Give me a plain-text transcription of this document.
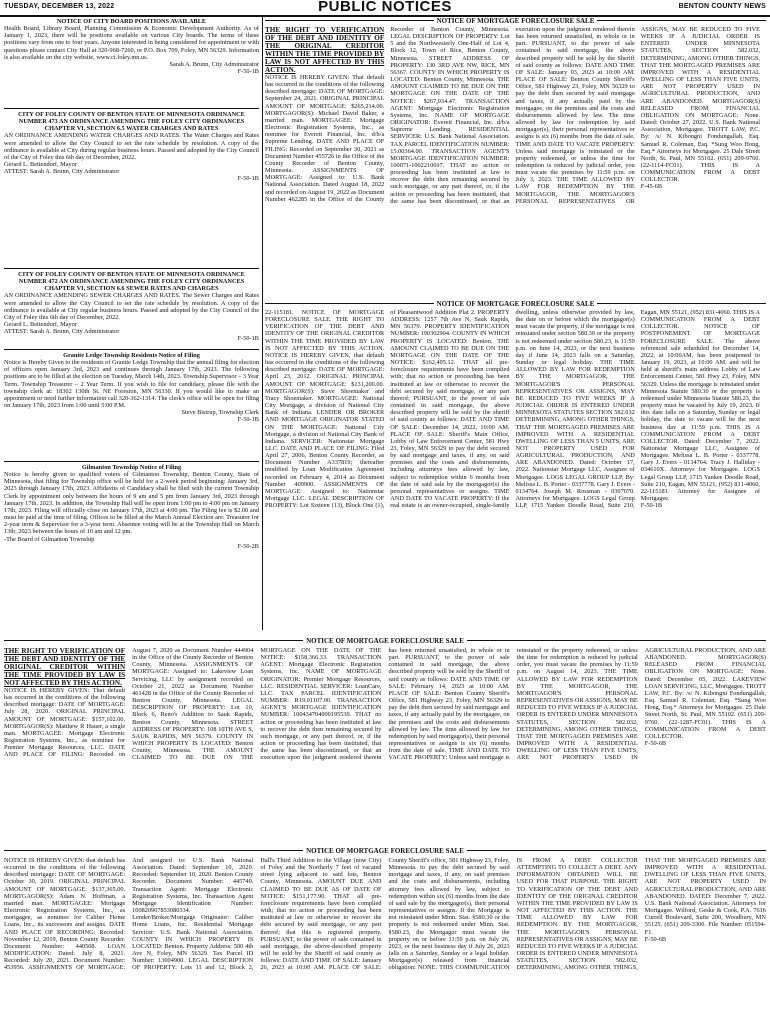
TUESDAY, DECEMBER 13, 2022	PUBLIC NOTICES	BENTON COUNTY NEWS

NOTICE OF CITY BOARD POSITIONS AVAILABLE

Health Board, Library Board, Planning Commission & Economic Development Authority. As of January 1, 2023, there will be positions available on various City boards. The terms of these positions vary from one to four years. Anyone interested in being considered for appointment or with questions please contact City Hall at 320-968-7260, or P.O. Box 709, Foley, MN 56329. Information is also available on the city website, www.ci.foley.mn.us.

Sarah A. Brunn, City Administrator

F-50-1B

CITY OF FOLEY COUNTY OF BENTON STATE OF MINNESOTA ORDINANCE NUMBER 473 AN ORDINANCE AMENDING THE FOLEY CITY ORDINANCES CHAPTER VI, SECTION 6.5 WATER CHARGES AND RATES

AN ORDINANCE AMENDING WATER CHARGES AND RATES. The Water Charges and Rates were amended to allow the City Council to set the rate schedule by resolution. A copy of the ordinance is available at City during regular business hours. Passed and adopted by the City Council of the City of Foley this 6th day of December, 2022.

Gerard L. Bettendorf, Mayor

ATTEST: Sarah A. Brunn, City Administrator

F-50-1B

CITY OF FOLEY COUNTY OF BENTON STATE OF MINNESOTA ORDINANCE NUMBER 472 AN ORDINANCE AMENDING THE FOLEY CITY ORDINANCES CHAPTER VI, SECTION 6.6 SEWER RATES AND CHARGES

AN ORDINANCE AMENDING SEWER CHARGES AND RATES. The Sewer Charges and Rates were amended to allow the City Council to set the rate schedule by resolution. A copy of the ordinance is available at City regular business hours. Passed and adopted by the City Council of the City of Foley this 6th day of December, 2022.

Gerard L. Bettendorf, Mayor

ATTEST: Sarah A. Brunn, City Administrator

F-50-1B

Granite Ledge Township Residents Notice of Filing

Notice is Hereby Given to the residents of Granite Ledge Township that the annual filing for election of officers open January 3rd, 2023 and continues through January 17th, 2023. The following positions are to be filled at the election on Tuesday, March 14th, 2023. Township Supervisor – 3 Year Term. Township Treasurer – 2 Year Term. If you wish to file for candidacy, please file with the township clerk at: 18302 130th St. NE Foreston, MN 56330. If you would like to make an appointment or need further information call 320-362-1314. The clerk's office will be open for filing on January 17th, 2023 from 1:00 until 5:00 P.M.

Steve Bistrup, Township Clerk

F-50-1B

Gilmanton Township Notice of Filing

Notice is hereby given to qualified voters of Gilmanton Township, Benton County, State of Minnesota, that filing for Township office will be held for a 2-week period beginning: January 3rd, 2023 through January 17th, 2023. Affidavits of Candidacy shall be filed with the current Township Clerk by appointment only between the hours of 9 am and 5 pm from January 3rd, 2023 through January 17th, 2023. In addition, the Township Hall will be open from 1:00 pm to 4:00 pm on January 17th, 2023. Filing will officially close on January 17th, 2023 at 4:00 pm. The Filing fee is $2.00 and must be paid at the time of filing. Offices to be filled at the March Annual Election are: Treasurer for 2-year term & Supervisor for a 3-year term. Absentee voting will be at the Township Hall on March 13th, 2023 between the hours of 10 am and 12 pm.

-The Board of Gilmanton Township

F-50-2B

NOTICE OF MORTGAGE FORECLOSURE SALE

THE RIGHT TO VERIFICATION OF THE DEBT AND IDENTITY OF THE ORIGINAL CREDITOR WITHIN THE TIME PROVIDED BY LAW IS NOT AFFECTED BY THIS ACTION.

NOTICE IS HEREBY GIVEN: That default has occurred in the conditions of the following described mortgage: DATE OF MORTGAGE: September 24, 2021. ORIGINAL PRINCIPAL AMOUNT OF MORTGAGE: $265,214.00. MORTGAGOR(S): Michael David Baker, a married man. MORTGAGEE: Mortgage Electronic Registration Systems, Inc., as nominee for Everett Financial, Inc. d/b/a Supreme Lending. DATE AND PLACE OF FILING: Recorded on September 30, 2021 as Document Number 455726 in the Office of the County Recorder of Benton County, Minnesota. ASSIGNMENTS OF MORTGAGE: Assigned to: U.S. Bank National Association. Dated August 18, 2022 and recorded on August 19, 2022 as Document Number 462285 in the Office of the County Recorder of Benton County, Minnesota. LEGAL DESCRIPTION OF PROPERTY: Lot 5 and the Northwesterly One-Half of Lot 4, Block 12, Town of Rice, Benton County, Minnesota. STREET ADDRESS OF PROPERTY: 130 3RD AVE NW, RICE, MN 56367. COUNTY IN WHICH PROPERTY IS LOCATED: Benton County, Minnesota. THE AMOUNT CLAIMED TO BE DUE ON THE MORTGAGE ON THE DATE OF THE NOTICE: $267,934.47. TRANSACTION AGENT: Mortgage Electronic Registration Systems, Inc. NAME OF MORTGAGE ORIGINATOR: Everett Financial, Inc. d/b/a Supreme Lending. RESIDENTIAL SERVICER: U.S. Bank National Association. TAX PARCEL IDENTIFICATION NUMBER: 15.00364.00. TRANSACTION AGENT'S MORTGAGE IDENTIFICATION NUMBER: 100071-1002210697. THAT no action or proceeding has been instituted at law to recover the debt then remaining secured by such mortgage, or any part thereof, or, if the action or proceeding has been instituted, that the same has been discontinued, or that an execution upon the judgment rendered therein has been returned unsatisfied, in whole or in part. PURSUANT, to the power of sale contained in said mortgage, the above described property will be sold by the Sheriff of said county as follows: DATE AND TIME OF SALE: January 03, 2023 at 10:00 AM. PLACE OF SALE: Benton County Sheriff's Office, 581 Highway 23, Foley, MN 56329 to pay the debt then secured by said mortgage and taxes, if any actually paid by the mortgagee, on the premises and the costs and disbursements allowed by law. The time allowed by law for redemption by said mortgagor(s), their personal representatives or assigns is six (6) months from the date of sale. TIME AND DATE TO VACATE PROPERTY: Unless said mortgage is reinstated or the property redeemed, or unless the time for redemption is reduced by judicial order, you must vacate the premises by 11:59 p.m. on July 3, 2023. THE TIME ALLOWED BY LAW FOR REDEMPTION BY THE MORTGAGOR, THE MORTGAGOR'S PERSONAL REPRESENTATIVES OR ASSIGNS, MAY BE REDUCED TO FIVE WEEKS IF A JUDICIAL ORDER IS ENTERED UNDER MINNESOTA STATUTES, SECTION 582.032, DETERMINING, AMONG OTHER THINGS, THAT THE MORTGAGED PREMISES ARE IMPROVED WITH A RESIDENTIAL DWELLING OF LESS THAN FIVE UNITS, ARE NOT PROPERTY USED IN AGRICULTURAL PRODUCTION, AND ARE ABANDONED. MORTGAGOR(S) RELEASED FROM FINANCIAL OBLIGATION ON MORTGAGE: None. Dated: October 27, 2022. U.S. Bank National Association, Mortgagee. TROTT LAW, P.C. By: /s/ N. Kibongni Fondungallah, Esq. Samuel R. Coleman, Esq. *Sung Woo Hong, Esq.* Attorneys for Mortgagee. 25 Dale Street North, St. Paul, MN 55102. (651) 209-9760. (22-1114-FC01). THIS IS A COMMUNICATION FROM A DEBT COLLECTOR.

F-45-6B

NOTICE OF MORTGAGE FORECLOSURE SALE

22-115181. NOTICE OF MORTGAGE FORECLOSURE SALE. THE RIGHT TO VERIFICATION OF THE DEBT AND IDENTITY OF THE ORIGINAL CREDITOR WITHIN THE TIME PROVIDED BY LAW IS NOT AFFECTED BY THIS ACTION. NOTICE IS HEREBY GIVEN, that default has occurred in the conditions of the following described mortgage: DATE OF MORTGAGE: April 23, 2012. ORIGINAL PRINCIPAL AMOUNT OF MORTGAGE: $131,200.00. MORTGAGOR(S): Steve Shoemaker and Tracy Shoemaker. MORTGAGEE: National City Mortgage, a division of National City Bank of Indiana. LENDER OR BROKER AND MORTGAGE ORIGINATOR STATED ON THE MORTGAGE: National City Mortgage, a division of National City Bank of Indiana. SERVICER: Nationstar Mortgage LLC. DATE AND PLACE OF FILING: Filed April 27, 2006, Benton County Recorder, as Document Number A337819; thereafter modified by Loan Modification Agreement recorded on February 4, 2014 as Document Number 409900. ASSIGNMENTS OF MORTGAGE: Assigned to: Nationstar Mortgage LLC. LEGAL DESCRIPTION OF PROPERTY: Lot Sixteen (13), Block One (1), of Pleasantwood Addition Plat 2. PROPERTY ADDRESS: 1257 7th Ave N, Sauk Rapids, MN 56379. PROPERTY IDENTIFICATION NUMBER: 190302904. COUNTY IN WHICH PROPERTY IS LOCATED: Benton. THE AMOUNT CLAIMED TO BE DUE ON THE MORTGAGE ON THE DATE OF THE NOTICE: $162,495.12. THAT all pre-foreclosure requirements have been complied with; that no action or proceeding has been instituted at law or otherwise to recover the debt secured by said mortgage, or any part thereof; PURSUANT, to the power of sale contained in said mortgage, the above described property will be sold by the sheriff of said county as follows: DATE AND TIME OF SALE: December 14, 2022, 10:00 AM. PLACE OF SALE: Sheriff's Main Office, Lobby of Law Enforcement Center, 581 Hwy 23, Foley, MN 56329 to pay the debt secured by said mortgage and taxes, if any, on said premises and the costs and disbursements, including attorneys fees allowed by law, subject to redemption within 6 months from the date of said sale by the mortgagor(s) the personal representatives or assigns. TIME AND DATE TO VACATE PROPERTY: If the real estate is an owner-occupied, single-family dwelling, unless otherwise provided by law, the date on or before which the mortgagor(s) must vacate the property, if the mortgage is not reinstated under section 580.30 or the property is not redeemed under section 580.23, is 11:59 p.m. on June 14, 2023, or the next business day if June 14, 2023 falls on a Saturday, Sunday or legal holiday. THE TIME ALLOWED BY LAW FOR REDEMPTION BY THE MORTGAGOR, THE MORTGAGOR'S PERSONAL REPRESENTATIVES OR ASSIGNS, MAY BE REDUCED TO FIVE WEEKS IF A JUDICIAL ORDER IS ENTERED UNDER MINNESOTA STATUTES SECTION 582.032 DETERMINING, AMONG OTHER THINGS, THAT THE MORTGAGED PREMISES ARE IMPROVED WITH A RESIDENTIAL DWELLING OF LESS THAN 5 UNITS, ARE NOT PROPERTY USED FOR AGRICULTURAL PRODUCTION, AND ARE ABANDONED. Dated: October 17, 2022. Nationstar Mortgage LLC, Assignee of Mortgagee. LOGS LEGAL GROUP LLP. By: Melissa L. B. Porter - 0337778. Gary J. Evers - 0134764. Joseph M. Rossman - 0397070. Attorneys for Mortgagee. LOGS Legal Group LLP, 1715 Yankee Doodle Road, Suite 210, Eagan, MN 55121, (952) 831-4060. THIS IS A COMMUNICATION FROM A DEBT COLLECTOR. NOTICE OF POSTPONEMENT OF MORTGAGE FORECLOSURE SALE. The above referenced sale scheduled for December 14, 2022, at 10:00AM, has been postponed to January 19, 2023, at 10:00 AM, and will be held at sheriff's main address Lobby of Law Enforcement Center, 581 Hwy 23, Foley, MN 56329. Unless the mortgage is reinstated under Minnesota Statute 580.30 or the property is redeemed under Minnesota Statute 580.23, the property must be vacated by July 19, 2023. If this date falls on a Saturday, Sunday or legal holiday, the date to vacate will be the next business day at 11:59 p.m. THIS IS A COMMUNICATION FROM A DEBT COLLECTOR. Dated: December 7, 2022. Nationstar Mortgage LLC, Assignee of Mortgagee. Melissa L. B. Porter - 0337778. Gary J. Evers - 0134764. Tracy J. Halliday - 034610X. Attorneys for Mortgagee. LOGS Legal Group LLP, 1715 Yankee Doodle Road, Suite 210, Eagan, MN 55121, (952) 831-4060, 22-115181. Attorney for Assignee of Mortgagee.

F-50-1B

NOTICE OF MORTGAGE FORECLOSURE SALE

THE RIGHT TO VERIFICATION OF THE DEBT AND IDENTITY OF THE ORIGINAL CREDITOR WITHIN THE TIME PROVIDED BY LAW IS NOT AFFECTED BY THIS ACTION.

NOTICE IS HEREBY GIVEN: That default has occurred in the conditions of the following described mortgage: DATE OF MORTGAGE: July 28, 2020. ORIGINAL PRINCIPAL AMOUNT OF MORTGAGE: $157,102.00. MORTGAGOR(S): Matthew R Hauer, a single man. MORTGAGEE: Mortgage Electronic Registration Systems, Inc., as nominee for Premier Mortgage Resources, LLC. DATE AND PLACE OF FILING: Recorded on August 7, 2020 as Document Number 444904 in the Office of the County Recorder of Benton County, Minnesota. ASSIGNMENTS OF MORTGAGE: Assigned to: Lakeview Loan Servicing, LLC by assignment recorded on October 21, 2022 as Document Number 461428 in the Office of the County Recorder of Benton County, Minnesota. LEGAL DESCRIPTION OF PROPERTY: Lot 10, Block 6, Reno's Addition to Sauk Rapids, Benton County, Minnesota. STREET ADDRESS OF PROPERTY: 108 10TH AVE S, SAUK RAPIDS, MN 56379. COUNTY IN WHICH PROPERTY IS LOCATED: Benton County, Minnesota. THE AMOUNT CLAIMED TO BE DUE ON THE MORTGAGE ON THE DATE OF THE NOTICE: $158,366.33. TRANSACTION AGENT: Mortgage Electronic Registration Systems, Inc. NAME OF MORTGAGE ORIGINATOR: Premier Mortgage Resources, LLC. RESIDENTIAL SERVICER: LoanCare, LLC. TAX PARCEL IDENTIFICATION NUMBER: R19.01107.00. TRANSACTION AGENT'S MORTGAGE IDENTIFICATION NUMBER: 100434704000195539. THAT no action or proceeding has been instituted at law to recover the debt then remaining secured by such mortgage, or any part thereof, or, if the action or proceeding has been instituted, that the same has been discontinued, or that an execution upon the judgment rendered therein has been returned unsatisfied, in whole or in part. PURSUANT, to the power of sale contained in said mortgage, the above described property will be sold by the Sheriff of said county as follows: DATE AND TIME OF SALE: February 14, 2023 at 10:00 AM. PLACE OF SALE: Benton County Sheriff's Office, 581 Highway 23, Foley, MN 56329 to pay the debt then secured by said mortgage and taxes, if any actually paid by the mortgagee, on the premises and the costs and disbursements allowed by law. The time allowed by law for redemption by said mortgagor(s), their personal representatives or assigns is six (6) months from the date of sale. TIME AND DATE TO VACATE PROPERTY: Unless said mortgage is reinstated or the property redeemed, or unless the time for redemption is reduced by judicial order, you must vacate the premises by 11:59 p.m. on August 14, 2023. THE TIME ALLOWED BY LAW FOR REDEMPTION BY THE MORTGAGOR, THE MORTGAGOR'S PERSONAL REPRESENTATIVES OR ASSIGNS, MAY BE REDUCED TO FIVE WEEKS IF A JUDICIAL ORDER IS ENTERED UNDER MINNESOTA STATUTES, SECTION 582.032, DETERMINING, AMONG OTHER THINGS, THAT THE MORTGAGED PREMISES ARE IMPROVED WITH A RESIDENTIAL DWELLING OF LESS THAN FIVE UNITS, ARE NOT PROPERTY USED IN AGRICULTURAL PRODUCTION, AND ARE ABANDONED. MORTGAGOR(S) RELEASED FROM FINANCIAL OBLIGATION ON MORTGAGE: None. Dated: December 05, 2022. LAKEVIEW LOAN SERVICING, LLC, Mortgagee. TROTT LAW, P.C. By: /s/ N. Kibongni Fondungallah, Esq. Samuel R. Coleman, Esq. *Sung Woo Hong, Esq.* Attorneys for Mortgagee. 25 Dale Street North, St. Paul, MN 55102. (651) 209-9760. (22-1287-FC01). THIS IS A COMMUNICATION FROM A DEBT COLLECTOR.

F-50-6B

NOTICE OF MORTGAGE FORECLOSURE SALE

NOTICE IS HEREBY GIVEN: that default has occurred in the conditions of the following described mortgage: DATE OF MORTGAGE: October 30, 2019. ORIGINAL PRINCIPAL AMOUNT OF MORTGAGE: $137,365.00. MORTGAGOR(S): Adam N. Hoffman, a married man. MORTGAGEE: Mortgage Electronic Registration Systems, Inc., as mortgagee, as nominee for Caliber Home Loans, Inc., its successors and assigns. DATE AND PLACE OF RECORDING: Recorded: November 12, 2019, Benton County Recorder. Document Number: 440508. LOAN MODIFICATION: Dated: July 8, 2021. Recorded: July 20, 2021. Document Number: 453956. ASSIGNMENTS OF MORTGAGE: And assigned to: U.S. Bank National Association. Dated: September 10, 2020. Recorded: September 10, 2020. Benton County Recorder. Document Number: 445740. Transaction Agent: Mortgage Electronic Registration Systems, Inc. Transaction Agent Mortgage Identification Number: 100820907853080334. Lender/Broker/Mortgage Originator: Caliber Home Loans, Inc. Residential Mortgage Servicer: U.S. Bank National Association. COUNTY IN WHICH PROPERTY IS LOCATED: Benton. Property Address: 500 4th Ave N, Foley, MN 56329. Tax Parcel ID Number: 13004900. LEGAL DESCRIPTION OF PROPERTY: Lots 11 and 12, Block 2, Hall's Third Addition to the Village (now City) of Foley and the Northerly 7 feet of vacated street lying adjacent to said lots, Benton County, Minnesota. AMOUNT DUE AND CLAIMED TO BE DUE AS OF DATE OF NOTICE: $151,177.90. THAT all pre-foreclosure requirements have been complied with; that no action or proceeding has been instituted at law or otherwise to recover the debt secured by said mortgage, or any part thereof; that this is registered property. PURSUANT, to the power of sale contained in said mortgage, the above-described property will be sold by the Sheriff of said county as follows: DATE AND TIME OF SALE: January 26, 2023 at 10:00 AM. PLACE OF SALE: County Sheriff's office, 581 Highway 23, Foley, Minnesota. to pay the debt secured by said mortgage and taxes, if any, on said premises and the costs and disbursements, including attorney fees allowed by law, subject to redemption within six (6) months from the date of said sale by the mortgagor(s), their personal representatives or assigns. If the Mortgage is not reinstated under Minn. Stat. §580.30 or the property is not redeemed under Minn. Stat. §580.23, the Mortgagor must vacate the property on or before 11:59 p.m. on July 26, 2023, or the next business day if July 26, 2023 falls on a Saturday, Sunday or a legal holiday. Mortgagor(s) released from financial obligation: NONE. THIS COMMUNICATION IS FROM A DEBT COLLECTOR ATTEMPTING TO COLLECT A DEBT. ANY INFORMATION OBTAINED WILL BE USED FOR THAT PURPOSE. THE RIGHT TO VERIFICATION OF THE DEBT AND IDENTITY OF THE ORIGINAL CREDITOR WITHIN THE TIME PROVIDED BY LAW IS NOT AFFECTED BY THIS ACTION. THE TIME ALLOWED BY LAW FOR REDEMPTION BY THE MORTGAGOR, THE MORTGAGOR'S PERSONAL REPRESENTATIVES OR ASSIGNS, MAY BE REDUCED TO FIVE WEEKS IF A JUDICIAL ORDER IS ENTERED UNDER MINNESOTA STATUTES, SECTION 582.032, DETERMINING, AMONG OTHER THINGS, THAT THE MORTGAGED PREMISES ARE IMPROVED WITH A RESIDENTIAL DWELLING OF LESS THAN FIVE UNITS, ARE NOT PROPERTY USED IN AGRICULTURAL PRODUCTION, AND ARE ABANDONED. DATED: December 7, 2022. U.S. Bank National Association. Attorneys for Mortgagee. Wilford, Geske & Cook, P.A. 7616 Currell Boulevard, Suite 200, Woodbury, MN 55125, (651) 209-3300. File Number: 051594-F1.

F-50-6B
